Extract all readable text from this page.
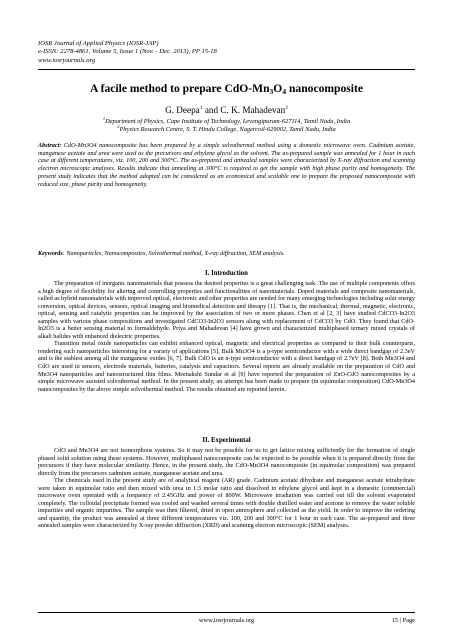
IOSR Journal of Applied Physics (IOSR-JAP)
e-ISSN: 2278-4861. Volume 5, Issue 1 (Nov. - Dec. 2013), PP 15-18
www.iosrjournals.org
A facile method to prepare CdO-$Mn_3O_4$ nanocomposite
G. Deepa$^1$ and C. K. Mahadevan$^2$
$^1$Department of Physics, Cape Institute of Technology, Levengipuram-627114, Tamil Nadu, India
$^2$Physics Research Centre, S. T. Hindu College, Nagercoil-629002, Tamil Nadu, India
Abstract: CdO-Mn3O4 nanocomposite has been prepared by a simple solvothermal method using a domestic microwave oven. Cadmium acetate, manganese acetate and urea were used as the precursors and ethylene glycol as the solvent. The as-prepared sample was annealed for 1 hour in each case at different temperatures, viz. 100, 200 and 300°C. The as-prepared and annealed samples were characterized by X-ray diffraction and scanning electron microscopic analyses. Results indicate that annealing at 300°C is required to get the sample with high phase purity and homogeneity. The present study indicates that the method adopted can be considered as an economical and scalable one to prepare the proposed nanocomposite with reduced size, phase purity and homogeneity.
Keywords: Nanoparticles, Nanocomposites, Solvothermal method, X-ray diffraction, SEM analysis.
I. Introduction

The preparation of inorganic nanomaterials that possess the desired properties is a great challenging task. The use of multiple components offers a high degree of flexibility for altering and controlling properties and functionalities of nanomaterials. Doped materials and composite nanomaterials, called as hybrid nanomaterials with improved optical, electronic and other properties are needed for many emerging technologies including solar energy conversion, optical devices, sensors, optical imaging and biomedical detection and therapy [1]. That is, the mechanical, thermal, magnetic, electronic, optical, sensing and catalytic properties can be improved by the association of two or more phases. Chen et al [2, 3] have studied CdCO3-In2O3 samples with various phase compositions and investigated CdCO3-In2O3 sensors along with replacement of CdCO3 by CdO. They found that CdO-In2O3 is a better sensing material to formaldehyde. Priya and Mahadevan [4] have grown and characterized multiphased ternary mixed crystals of alkali halides with enhanced dielectric properties.

Transition metal oxide nanoparticles can exhibit enhanced optical, magnetic and electrical properties as compared to their bulk counterparts, rendering such nanoparticles interesting for a variety of applications [5]. Bulk Mn3O4 is a p-type semiconductor with a wide direct bandgap of 2.3eV and is the stablest among all the manganese oxides [6, 7]. Bulk CdO is an n-type semiconductor with a direct bandgap of 2.7eV [8]. Both Mn3O4 and CdO are used in sensors, electrode materials, batteries, catalysts and capacitors. Several reports are already available on the preparation of CdO and Mn3O4 nanoparticles and nanostructured thin films. Meenakshi Sundar et al [9] have reported the preparation of ZnO-CdO nanocomposites by a simple microwave assisted solvothermal method. In the present study, an attempt has been made to prepare (in equimolar composition) CdO-Mn3O4 nanocomposites by the above simple solvothermal method. The results obtained are reported herein.

II. Experimental

CdO and Mn3O4 are not isomorphous systems. So it may not be possible for us to get lattice mixing sufficiently for the formation of single phased solid solution using these systems. However, multiphased nanocomposite can be expected to be possible when it is prepared directly from the precursors if they have molecular similarity. Hence, in the present study, the CdO-Mn3O4 nanocomposite (in equimolar composition) was prepared directly from the precursors cadmium acetate, manganese acetate and urea.

The chemicals used in the present study are of analytical reagent (AR) grade. Cadmium acetate dihydrate and manganese acetate tetrahydrate were taken in equimolar ratio and then mixed with urea in 1:3 molar ratio and dissolved in ethylene glycol and kept in a domestic (commercial) microwave oven operated with a frequency of 2.45GHz and power of 800W. Microwave irradiation was carried out till the solvent evaporated completely. The colloidal precipitate formed was cooled and washed several times with double distilled water and acetone to remove the water soluble impurities and organic impurities. The sample was then filtered, dried in open atmosphere and collected as the yield. In order to improve the ordering and quantity, the product was annealed at three different temperatures viz. 100, 200 and 300°C for 1 hour in each case. The as-prepared and three annealed samples were characterized by X-ray powder diffraction (XRD) and scanning electron microscopic (SEM) analyses.

www.iosrjournals.org	15 | Page
